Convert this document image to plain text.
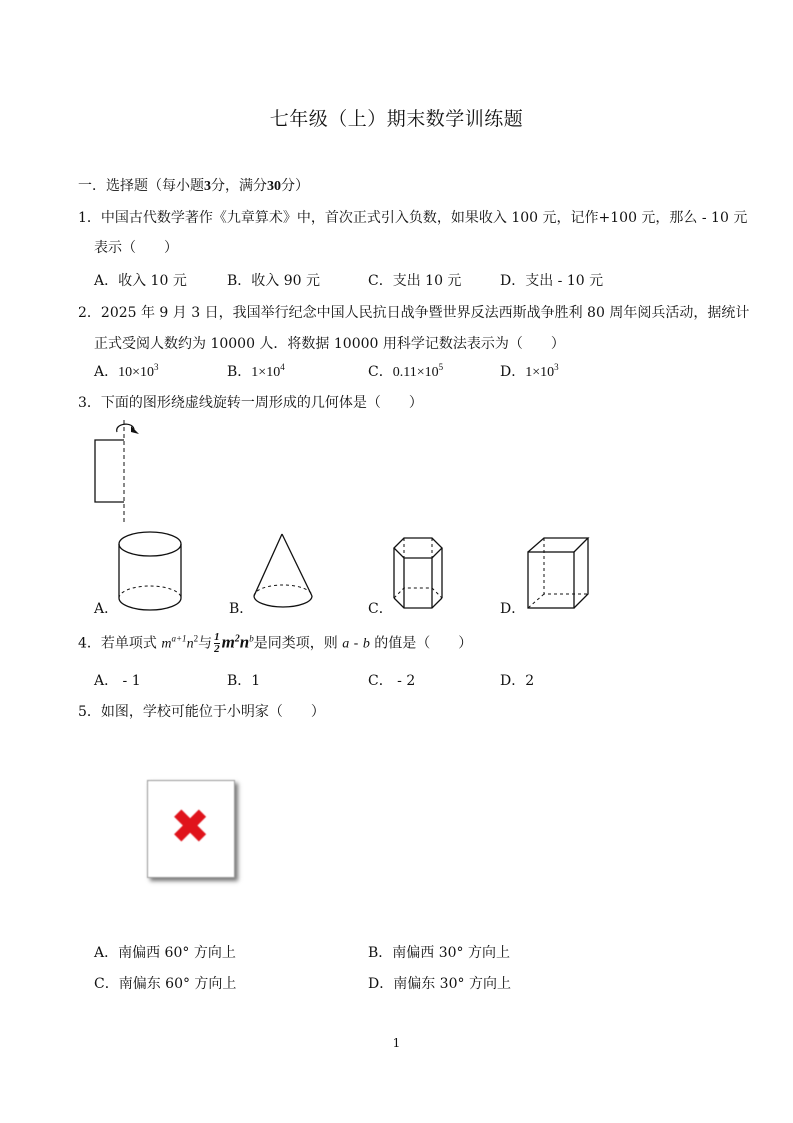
七年级（上）期末数学训练题
一．选择题（每小题3分，满分30分）
1．中国古代数学著作《九章算术》中，首次正式引入负数，如果收入 100 元，记作+100 元，那么 - 10 元
表示（　　）
A．收入 10 元	B．收入 90 元	C．支出 10 元	D．支出 - 10 元
2．2025 年 9 月 3 日，我国举行纪念中国人民抗日战争暨世界反法西斯战争胜利 80 周年阅兵活动，据统计
正式受阅人数约为 10000 人．将数据 10000 用科学记数法表示为（　　）
A．$10\times 10^3$	B．$1\times 10^4$	C．$0.11\times 10^5$	D．$1\times 10^3$
3．下面的图形绕虚线旋转一周形成的几何体是（　　）
A．	B．	C．	D．
4．若单项式 $m^{a+1}n^2$与 $\frac{1}{2} m^2n^b$是同类项，则 a - b 的值是（　　）
A． - 1	B．1	C． - 2	D．2
5．如图，学校可能位于小明家（　　）
✖
A．南偏西 60° 方向上	B．南偏西 30° 方向上
C．南偏东 60° 方向上	D．南偏东 30° 方向上
1
